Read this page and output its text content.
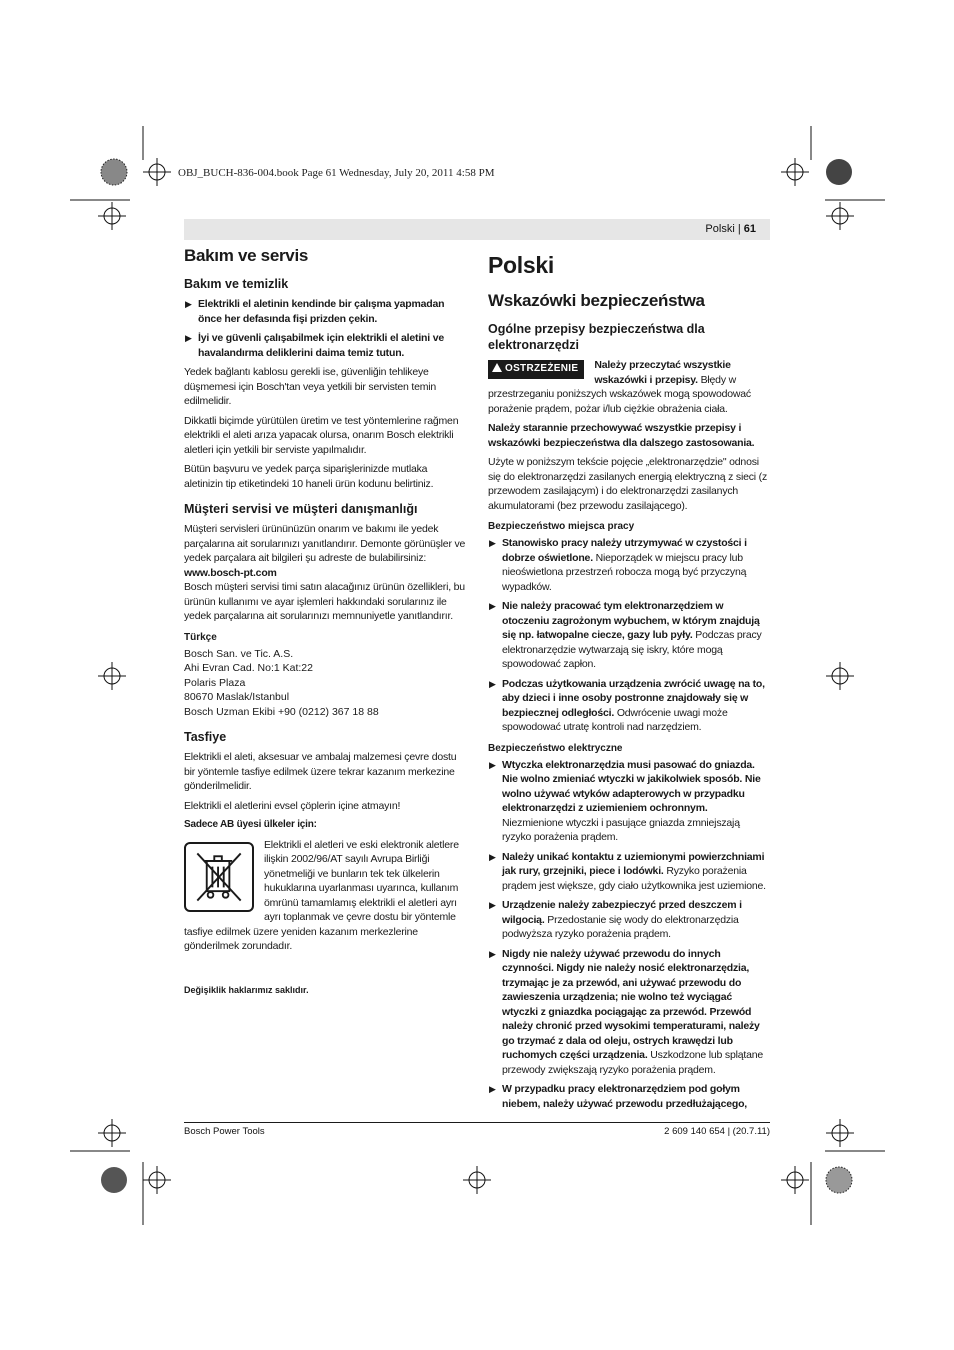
OBJ_BUCH-836-004.book Page 61 Wednesday, July 20, 2011 4:58 PM
Polski | 61
Bakım ve servis
Bakım ve temizlik
▶ Elektrikli el aletinin kendinde bir çalışma yapmadan önce her defasında fişi prizden çekin.
▶ İyi ve güvenli çalışabilmek için elektrikli el aletini ve havalandırma deliklerini daima temiz tutun.
Yedek bağlantı kablosu gerekli ise, güvenliğin tehlikeye düşmemesi için Bosch'tan veya yetkili bir servisten temin edilmelidir.
Dikkatli biçimde yürütülen üretim ve test yöntemlerine rağmen elektrikli el aleti arıza yapacak olursa, onarım Bosch elektrikli aletleri için yetkili bir serviste yapılmalıdır.
Bütün başvuru ve yedek parça siparişlerinizde mutlaka aletinizin tip etiketindeki 10 haneli ürün kodunu belirtiniz.
Müşteri servisi ve müşteri danışmanlığı
Müşteri servisleri ürününüzün onarım ve bakımı ile yedek parçalarına ait sorularınızı yanıtlandırır. Demonte görünüşler ve yedek parçalara ait bilgileri şu adreste de bulabilirsiniz:
www.bosch-pt.com
Bosch müşteri servisi timi satın alacağınız ürünün özellikleri, bu ürünün kullanımı ve ayar işlemleri hakkındaki sorularınız ile yedek parçalarına ait sorularınızı memnuniyetle yanıtlandırır.
Türkçe
Bosch San. ve Tic. A.S.
Ahi Evran Cad. No:1 Kat:22
Polaris Plaza
80670 Maslak/Istanbul
Bosch Uzman Ekibi +90 (0212) 367 18 88
Tasfiye
Elektrikli el aleti, aksesuar ve ambalaj malzemesi çevre dostu bir yöntemle tasfiye edilmek üzere tekrar kazanım merkezine gönderilmelidir.
Elektrikli el aletlerini evsel çöplerin içine atmayın!
Sadece AB üyesi ülkeler için:
Elektrikli el aletleri ve eski elektronik aletlere ilişkin 2002/96/AT sayılı Avrupa Birliği yönetmeliği ve bunların tek tek ülkelerin hukuklarına uyarlanması uyarınca, kullanım ömrünü tamamlamış elektrikli el aletleri ayrı ayrı toplanmak ve çevre dostu bir yöntemle tasfiye edilmek üzere yeniden kazanım merkezlerine gönderilmek zorundadır.
Değişiklik haklarımız saklıdır.
Polski
Wskazówki bezpieczeństwa
Ogólne przepisy bezpieczeństwa dla elektronarzędzi
OSTRZEŻENIE	Należy przeczytać wszystkie wskazówki i przepisy. Błędy w przestrzeganiu poniższych wskazówek mogą spowodować porażenie prądem, pożar i/lub ciężkie obrażenia ciała.
Należy starannie przechowywać wszystkie przepisy i wskazówki bezpieczeństwa dla dalszego zastosowania.
Użyte w poniższym tekście pojęcie „elektronarzędzie" odnosi się do elektronarzędzi zasilanych energią elektryczną z sieci (z przewodem zasilającym) i do elektronarzędzi zasilanych akumulatorami (bez przewodu zasilającego).
Bezpieczeństwo miejsca pracy
▶ Stanowisko pracy należy utrzymywać w czystości i dobrze oświetlone. Nieporządek w miejscu pracy lub nieoświetlona przestrzeń robocza mogą być przyczyną wypadków.
▶ Nie należy pracować tym elektronarzędziem w otoczeniu zagrożonym wybuchem, w którym znajdują się np. łatwopalne ciecze, gazy lub pyły. Podczas pracy elektronarzędzie wytwarzają się iskry, które mogą spowodować zapłon.
▶ Podczas użytkowania urządzenia zwrócić uwagę na to, aby dzieci i inne osoby postronne znajdowały się w bezpiecznej odległości. Odwrócenie uwagi może spowodować utratę kontroli nad narzędziem.
Bezpieczeństwo elektryczne
▶ Wtyczka elektronarzędzia musi pasować do gniazda. Nie wolno zmieniać wtyczki w jakikolwiek sposób. Nie wolno używać wtyków adapterowych w przypadku elektronarzędzi z uziemieniem ochronnym. Niezmienione wtyczki i pasujące gniazda zmniejszają ryzyko porażenia prądem.
▶ Należy unikać kontaktu z uziemionymi powierzchniami jak rury, grzejniki, piece i lodówki. Ryzyko porażenia prądem jest większe, gdy ciało użytkownika jest uziemione.
▶ Urządzenie należy zabezpieczyć przed deszczem i wilgocią. Przedostanie się wody do elektronarzędzia podwyższa ryzyko porażenia prądem.
▶ Nigdy nie należy używać przewodu do innych czynności. Nigdy nie należy nosić elektronarzędzia, trzymając je za przewód, ani używać przewodu do zawieszenia urządzenia; nie wolno też wyciągać wtyczki z gniazdka pociągając za przewód. Przewód należy chronić przed wysokimi temperaturami, należy go trzymać z dala od oleju, ostrych krawędzi lub ruchomych części urządzenia. Uszkodzone lub splątane przewody zwiększają ryzyko porażenia prądem.
▶ W przypadku pracy elektronarzędziem pod gołym niebem, należy używać przewodu przedłużającego,
Bosch Power Tools	2 609 140 654 | (20.7.11)
